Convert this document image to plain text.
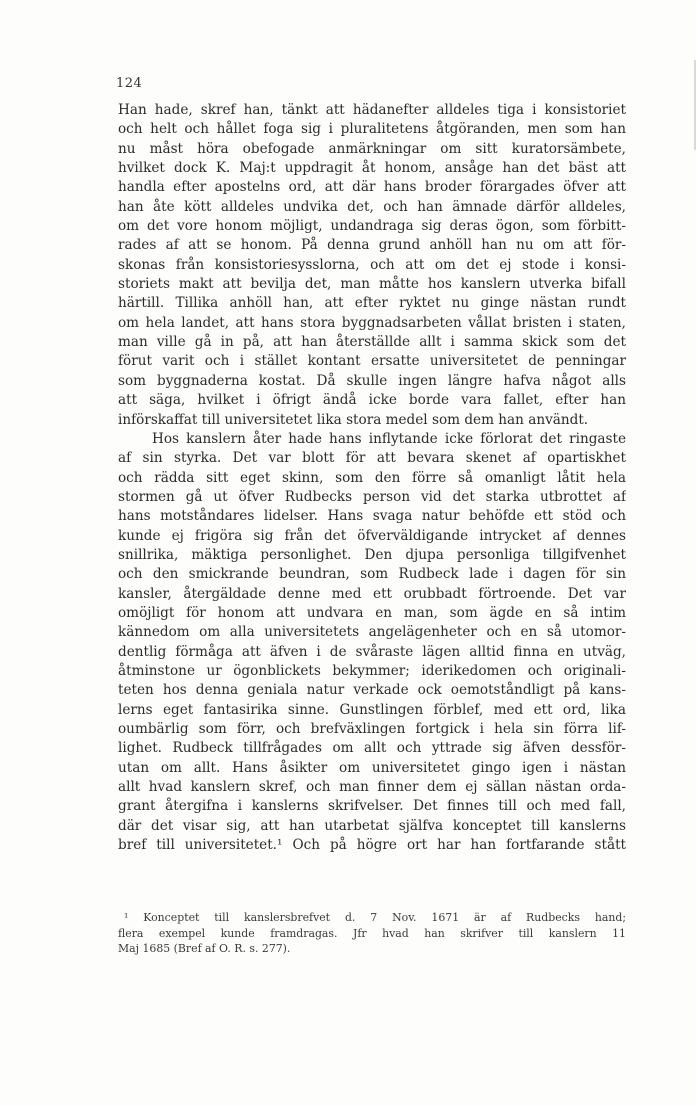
124
Han hade, skref han, tänkt att hädanefter alldeles tiga i konsistoriet
och helt och hållet foga sig i pluralitetens åtgöranden, men som han
nu måst höra obefogade anmärkningar om sitt kuratorsämbete,
hvilket dock K. Maj:t uppdragit åt honom, ansåge han det bäst att
handla efter apostelns ord, att där hans broder förargades öfver att
han åte kött alldeles undvika det, och han ämnade därför alldeles,
om det vore honom möjligt, undandraga sig deras ögon, som förbitt-
rades af att se honom. På denna grund anhöll han nu om att för-
skonas från konsistoriesysslorna, och att om det ej stode i konsi-
storiets makt att bevilja det, man måtte hos kanslern utverka bifall
härtill. Tillika anhöll han, att efter ryktet nu ginge nästan rundt
om hela landet, att hans stora byggnadsarbeten vållat bristen i staten,
man ville gå in på, att han återställde allt i samma skick som det
förut varit och i stället kontant ersatte universitetet de penningar
som byggnaderna kostat. Då skulle ingen längre hafva något alls
att säga, hvilket i öfrigt ändå icke borde vara fallet, efter han
införskaffat till universitetet lika stora medel som dem han användt.
Hos kanslern åter hade hans inflytande icke förlorat det ringaste
af sin styrka. Det var blott för att bevara skenet af opartiskhet
och rädda sitt eget skinn, som den förre så omanligt låtit hela
stormen gå ut öfver Rudbecks person vid det starka utbrottet af
hans motståndares lidelser. Hans svaga natur behöfde ett stöd och
kunde ej frigöra sig från det öfverväldigande intrycket af dennes
snillrika, mäktiga personlighet. Den djupa personliga tillgifvenhet
och den smickrande beundran, som Rudbeck lade i dagen för sin
kansler, återgäldade denne med ett orubbadt förtroende. Det var
omöjligt för honom att undvara en man, som ägde en så intim
kännedom om alla universitetets angelägenheter och en så utomor-
dentlig förmåga att äfven i de svåraste lägen alltid finna en utväg,
åtminstone ur ögonblickets bekymmer; iderikedomen och originali-
teten hos denna geniala natur verkade ock oemotståndligt på kans-
lerns eget fantasirika sinne. Gunstlingen förblef, med ett ord, lika
oumbärlig som förr, och brefväxlingen fortgick i hela sin förra lif-
lighet. Rudbeck tillfrågades om allt och yttrade sig äfven dessför-
utan om allt. Hans åsikter om universitetet gingo igen i nästan
allt hvad kanslern skref, och man finner dem ej sällan nästan orda-
grant återgifna i kanslerns skrifvelser. Det finnes till och med fall,
där det visar sig, att han utarbetat själfva konceptet till kanslerns
bref till universitetet.¹ Och på högre ort har han fortfarande stått
¹ Konceptet till kanslersbrefvet d. 7 Nov. 1671 är af Rudbecks hand;
flera exempel kunde framdragas. Jfr hvad han skrifver till kanslern 11
Maj 1685 (Bref af O. R. s. 277).
